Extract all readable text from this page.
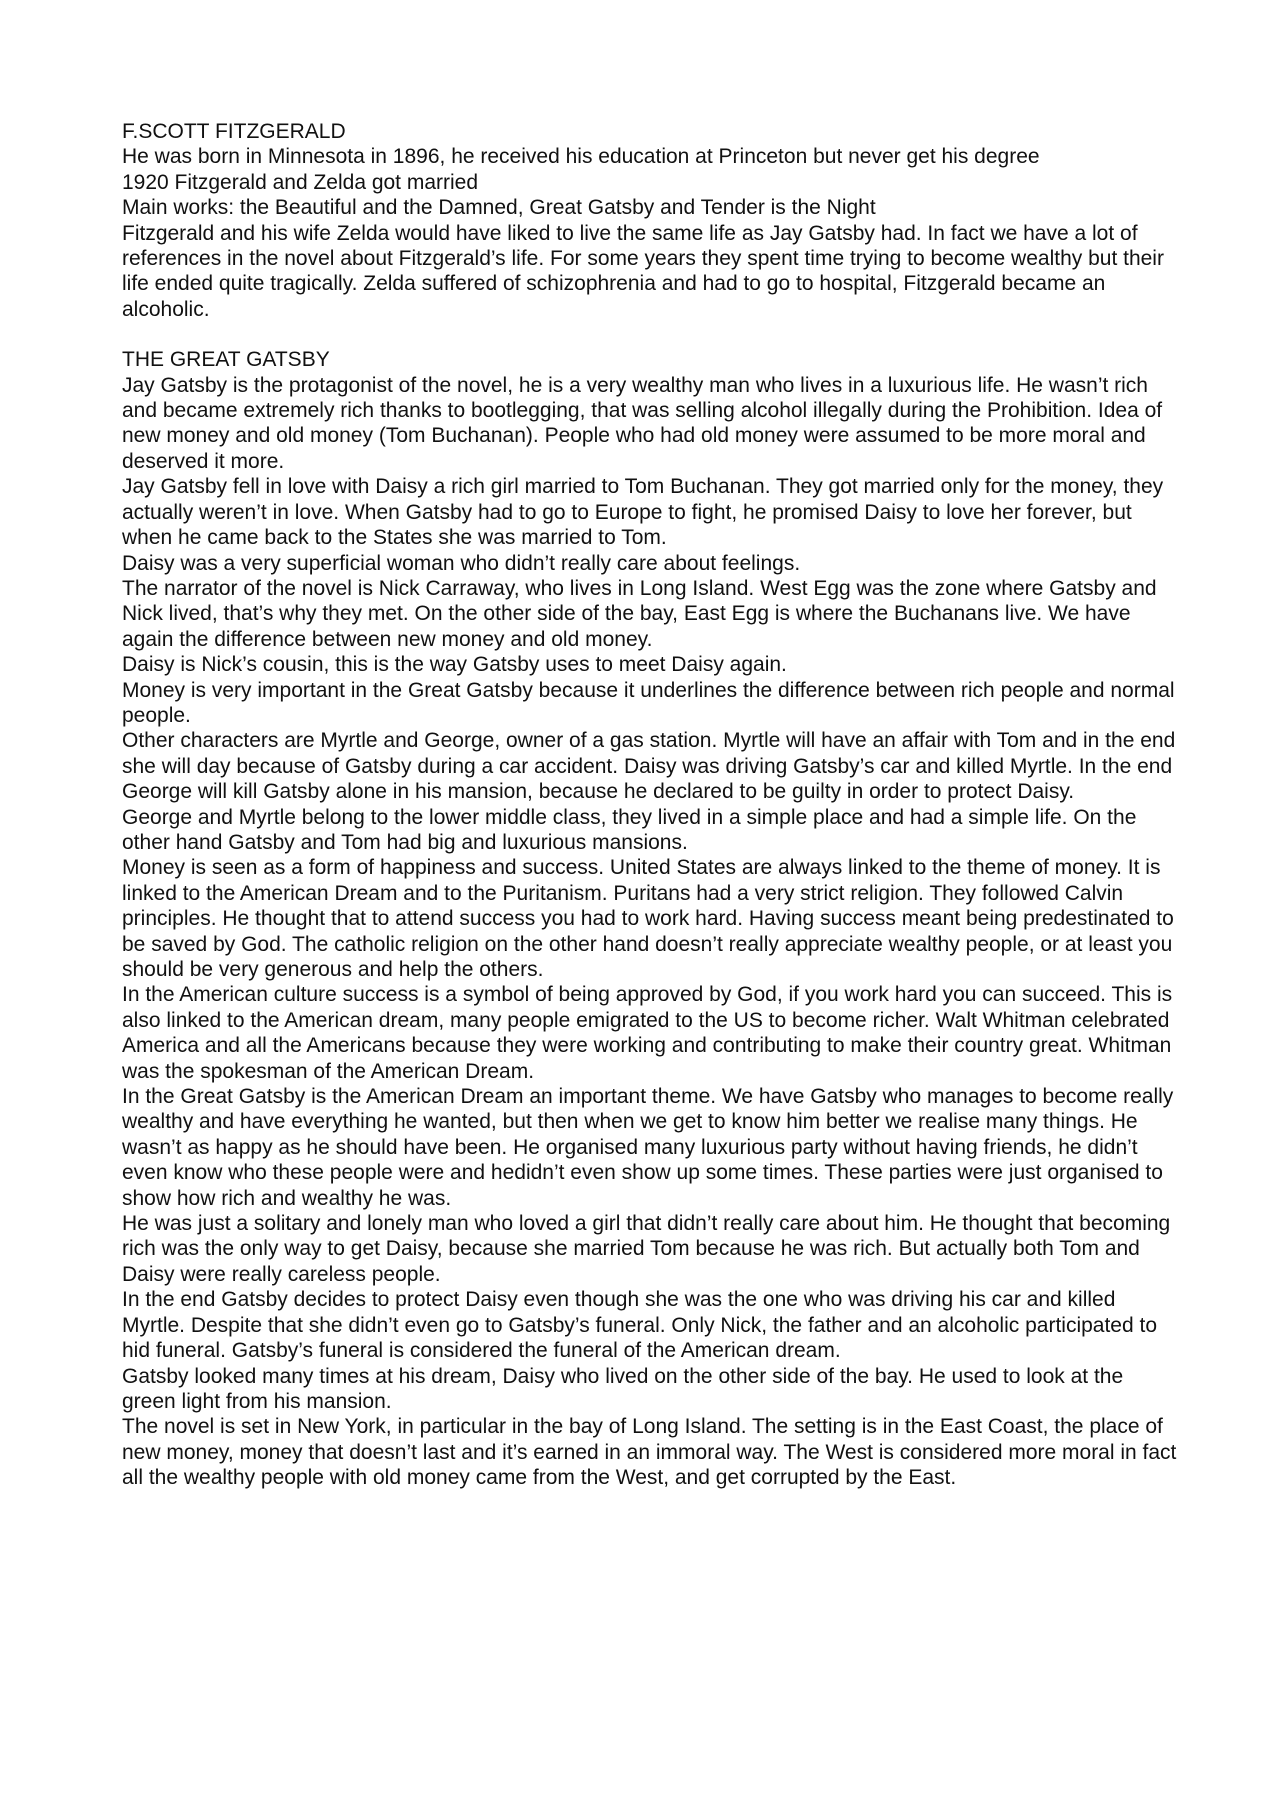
F.SCOTT FITZGERALD

He was born in Minnesota in 1896, he received his education at Princeton but never get his degree

1920 Fitzgerald and Zelda got married

Main works: the Beautiful and the Damned, Great Gatsby and Tender is the Night

Fitzgerald and his wife Zelda would have liked to live the same life as Jay Gatsby had. In fact we have a lot of references in the novel about Fitzgerald’s life. For some years they spent time trying to become wealthy but their life ended quite tragically. Zelda suffered of schizophrenia and had to go to hospital, Fitzgerald became an alcoholic.

THE GREAT GATSBY

Jay Gatsby is the protagonist of the novel, he is a very wealthy man who lives in a luxurious life. He wasn’t rich and became extremely rich thanks to bootlegging, that was selling alcohol illegally during the Prohibition. Idea of new money and old money (Tom Buchanan). People who had old money were assumed to be more moral and deserved it more.

Jay Gatsby fell in love with Daisy a rich girl married to Tom Buchanan. They got married only for the money, they actually weren’t in love. When Gatsby had to go to Europe to fight, he promised Daisy to love her forever, but when he came back to the States she was married to Tom.

Daisy was a very superficial woman who didn’t really care about feelings.

The narrator of the novel is Nick Carraway, who lives in Long Island. West Egg was the zone where Gatsby and Nick lived, that’s why they met. On the other side of the bay, East Egg is where the Buchanans live. We have again the difference between new money and old money.

Daisy is Nick’s cousin, this is the way Gatsby uses to meet Daisy again.

Money is very important in the Great Gatsby because it underlines the difference between rich people and normal people.

Other characters are Myrtle and George, owner of a gas station. Myrtle will have an affair with Tom and in the end she will day because of Gatsby during a car accident. Daisy was driving Gatsby’s car and killed Myrtle. In the end George will kill Gatsby alone in his mansion, because he declared to be guilty in order to protect Daisy.

George and Myrtle belong to the lower middle class, they lived in a simple place and had a simple life. On the other hand Gatsby and Tom had big and luxurious mansions.

Money is seen as a form of happiness and success. United States are always linked to the theme of money. It is linked to the American Dream and to the Puritanism. Puritans had a very strict religion. They followed Calvin principles. He thought that to attend success you had to work hard. Having success meant being predestinated to be saved by God. The catholic religion on the other hand doesn’t really appreciate wealthy people, or at least you should be very generous and help the others.

In the American culture success is a symbol of being approved by God, if you work hard you can succeed. This is also linked to the American dream, many people emigrated to the US to become richer. Walt Whitman celebrated America and all the Americans because they were working and contributing to make their country great. Whitman was the spokesman of the American Dream.

In the Great Gatsby is the American Dream an important theme. We have Gatsby who manages to become really wealthy and have everything he wanted, but then when we get to know him better we realise many things. He wasn’t as happy as he should have been. He organised many luxurious party without having friends, he didn’t even know who these people were and hedidn’t even show up some times. These parties were just organised to show how rich and wealthy he was.

He was just a solitary and lonely man who loved a girl that didn’t really care about him. He thought that becoming rich was the only way to get Daisy, because she married Tom because he was rich. But actually both Tom and Daisy were really careless people.

In the end Gatsby decides to protect Daisy even though she was the one who was driving his car and killed Myrtle. Despite that she didn’t even go to Gatsby’s funeral. Only Nick, the father and an alcoholic participated to hid funeral. Gatsby’s funeral is considered the funeral of the American dream.

Gatsby looked many times at his dream, Daisy who lived on the other side of the bay. He used to look at the green light from his mansion.

The novel is set in New York, in particular in the bay of Long Island. The setting is in the East Coast, the place of new money, money that doesn’t last and it’s earned in an immoral way. The West is considered more moral in fact all the wealthy people with old money came from the West, and get corrupted by the East.
